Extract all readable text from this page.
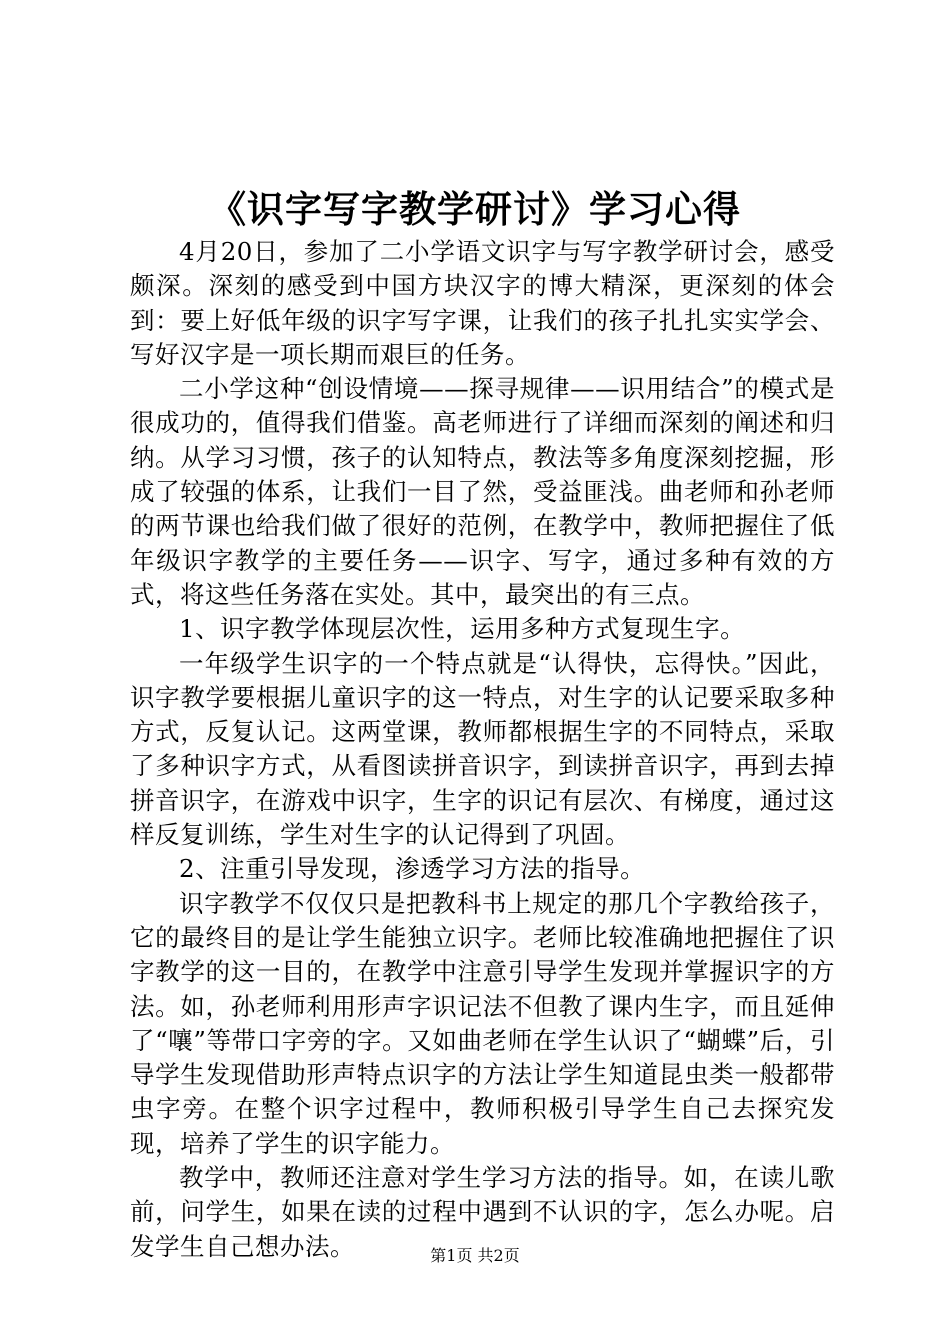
《识字写字教学研讨》学习心得

4月20日，参加了二小学语文识字与写字教学研讨会，感受颇深。深刻的感受到中国方块汉字的博大精深，更深刻的体会到：要上好低年级的识字写字课，让我们的孩子扎扎实实学会、写好汉字是一项长期而艰巨的任务。

二小学这种“创设情境——探寻规律——识用结合”的模式是很成功的，值得我们借鉴。高老师进行了详细而深刻的阐述和归纳。从学习习惯，孩子的认知特点，教法等多角度深刻挖掘，形成了较强的体系，让我们一目了然，受益匪浅。曲老师和孙老师的两节课也给我们做了很好的范例，在教学中，教师把握住了低年级识字教学的主要任务——识字、写字，通过多种有效的方式，将这些任务落在实处。其中，最突出的有三点。

1、识字教学体现层次性，运用多种方式复现生字。

一年级学生识字的一个特点就是“认得快，忘得快。”因此，识字教学要根据儿童识字的这一特点，对生字的认记要采取多种方式，反复认记。这两堂课，教师都根据生字的不同特点，采取了多种识字方式，从看图读拼音识字，到读拼音识字，再到去掉拼音识字，在游戏中识字，生字的识记有层次、有梯度，通过这样反复训练，学生对生字的认记得到了巩固。

2、注重引导发现，渗透学习方法的指导。

识字教学不仅仅只是把教科书上规定的那几个字教给孩子，它的最终目的是让学生能独立识字。老师比较准确地把握住了识字教学的这一目的，在教学中注意引导学生发现并掌握识字的方法。如，孙老师利用形声字识记法不但教了课内生字，而且延伸了“嚷”等带口字旁的字。又如曲老师在学生认识了“蝴蝶”后，引导学生发现借助形声特点识字的方法让学生知道昆虫类一般都带虫字旁。在整个识字过程中，教师积极引导学生自己去探究发现，培养了学生的识字能力。

教学中，教师还注意对学生学习方法的指导。如，在读儿歌前，问学生，如果在读的过程中遇到不认识的字，怎么办呢。启发学生自己想办法。	第1页 共2页
